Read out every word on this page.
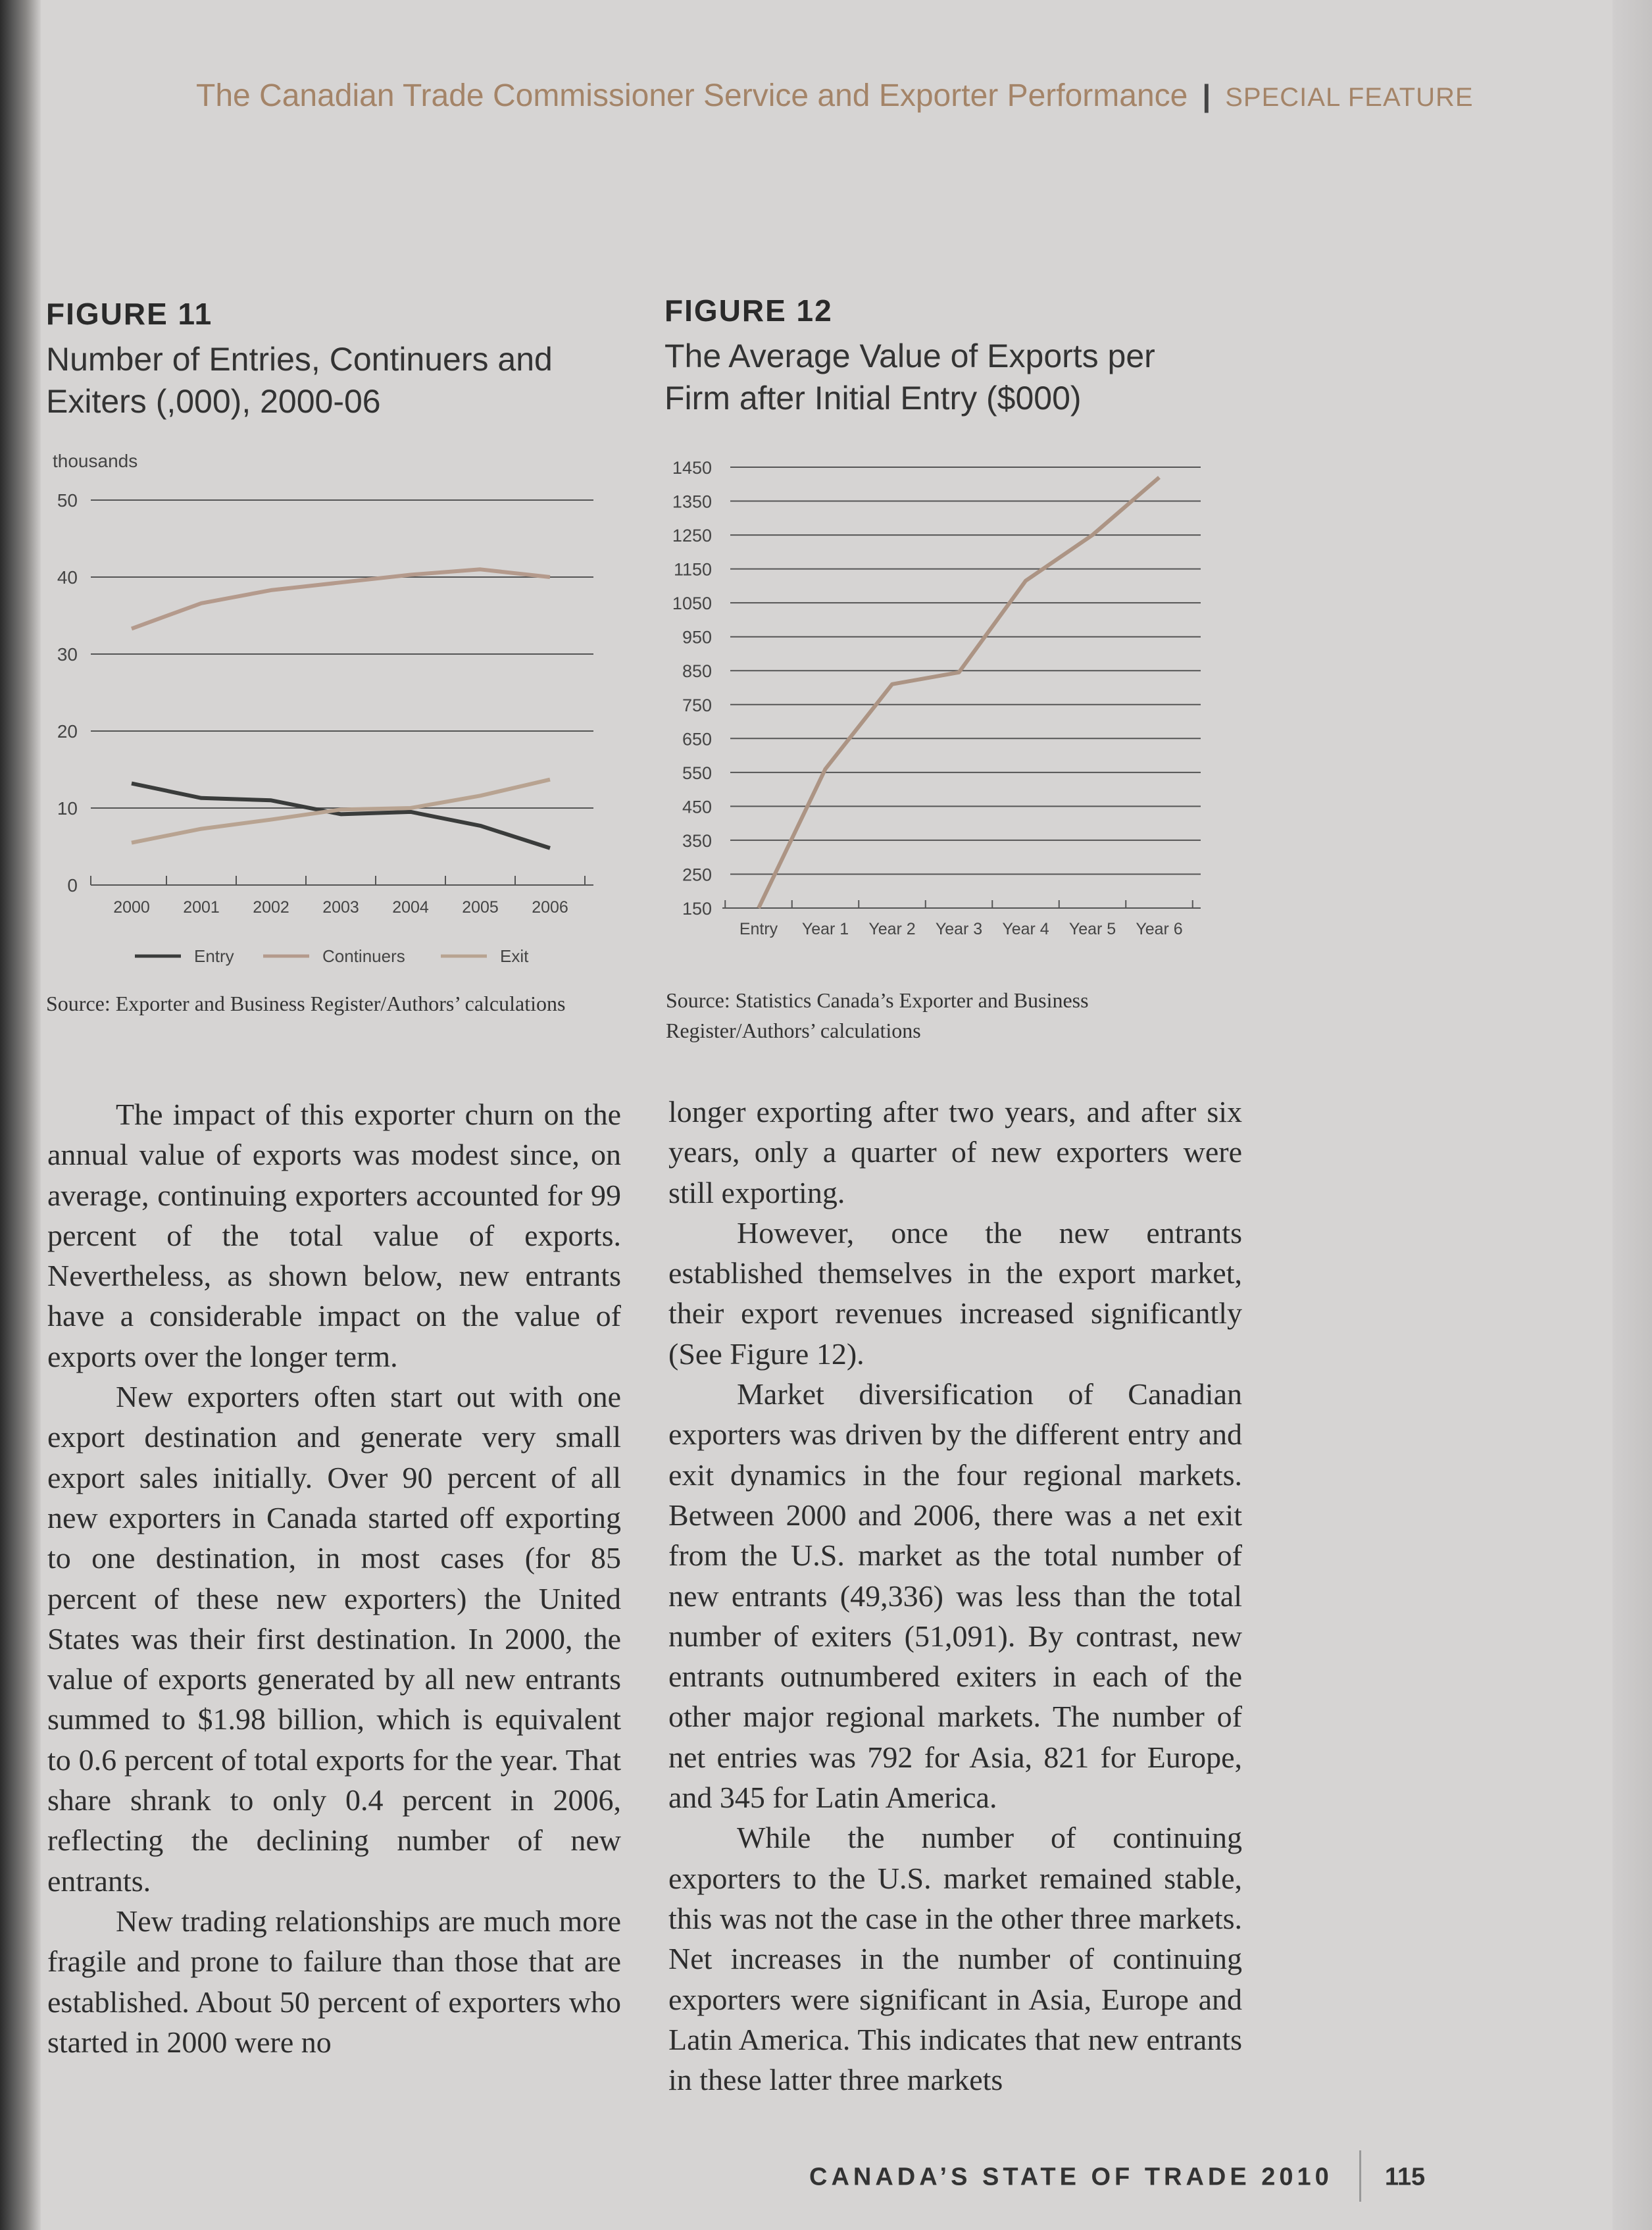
The Canadian Trade Commissioner Service and Exporter Performance | SPECIAL FEATURE
FIGURE 11
Number of Entries, Continuers and
Exiters (,000), 2000-06
thousands
0
10
20
30
40
50
2000 2001 2002 2003 2004 2005 2006
Entry	Continuers	Exit
Source: Exporter and Business Register/Authors’ calculations
FIGURE 12
The Average Value of Exports per
Firm after Initial Entry ($000)
150
250
350
450
550
650
750
850
950
1050
1150
1250
1350
1450
Entry Year 1 Year 2 Year 3 Year 4 Year 5 Year 6
Source: Statistics Canada’s Exporter and Business
Register/Authors’ calculations

The impact of this exporter churn on the annual value of exports was modest since, on average, continuing exporters accounted for 99 percent of the total value of exports. Nevertheless, as shown below, new entrants have a considerable impact on the value of exports over the longer term.

New exporters often start out with one export destination and generate very small export sales initially. Over 90 percent of all new exporters in Canada started off exporting to one destination, in most cases (for 85 percent of these new exporters) the United States was their first destination. In 2000, the value of exports generated by all new entrants summed to $1.98 billion, which is equivalent to 0.6 percent of total exports for the year. That share shrank to only 0.4 percent in 2006, reflecting the declining number of new entrants.

New trading relationships are much more fragile and prone to failure than those that are established. About 50 percent of exporters who started in 2000 were no

longer exporting after two years, and after six years, only a quarter of new exporters were still exporting.

However, once the new entrants established themselves in the export market, their export revenues increased significantly (See Figure 12).

Market diversification of Canadian exporters was driven by the different entry and exit dynamics in the four regional markets. Between 2000 and 2006, there was a net exit from the U.S. market as the total number of new entrants (49,336) was less than the total number of exiters (51,091). By contrast, new entrants outnumbered exiters in each of the other major regional markets. The number of net entries was 792 for Asia, 821 for Europe, and 345 for Latin America.

While the number of continuing exporters to the U.S. market remained stable, this was not the case in the other three markets. Net increases in the number of continuing exporters were significant in Asia, Europe and Latin America. This indicates that new entrants in these latter three markets

CANADA’S STATE OF TRADE 2010 115
